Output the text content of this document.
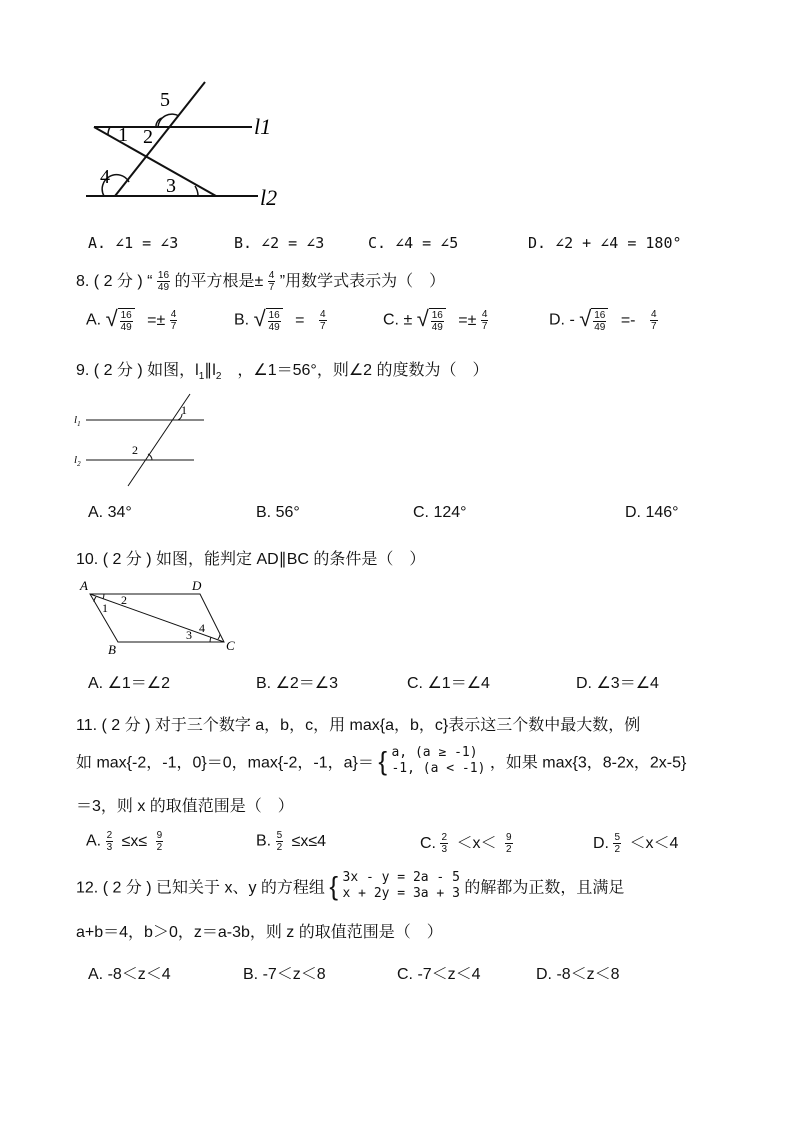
5
1 2
4	3
l1
l2
A. ∠1 = ∠3	B. ∠2 = ∠3	C. ∠4 = ∠5	D. ∠2 + ∠4 = 180°
8. ( 2 分 ) “ $\frac{16}{49}$ 的平方根是± $\frac{4}{7}$ ”用数学式表示为（　）
A. √ $\frac{16}{49} =\pm \frac{4}{7}$	B. √ $\frac{16}{49} = \frac{4}{7}$	C. ± √ $\frac{16}{49} =\pm \frac{4}{7}$	D. - √ $\frac{16}{49} =- \frac{4}{7}$
9. ( 2 分 ) 如图，$l_1\parallel l_2$　，∠1＝56°，则∠2 的度数为（　）
1
2
$l_1$
$l_2$
A. 34°	B. 56°	C. 124°	D. 146°
10. ( 2 分 ) 如图，能判定 AD∥BC 的条件是（　）
A	D
B	C
2
1
3 4
A. ∠1＝∠2	B. ∠2＝∠3	C. ∠1＝∠4	D. ∠3＝∠4
11. ( 2 分 ) 对于三个数字 a，b，c，用 max{a，b，c}表示这三个数中最大数，例
如 max{-2，-1，0}＝0，max{-2，-1，a}＝ { a, (a ≥ -1)
-1, (a < -1) ，如果 max{3，8-2x，2x-5}
＝3，则 x 的取值范围是（　）
A. $\frac{2}{3} \le x\le \frac{9}{2}$	B. $\frac{5}{2} \le x\le 4$	C. $\frac{2}{3} <x< \frac{9}{2}$	D. $\frac{5}{2} <x<4$
12. ( 2 分 ) 已知关于 x、y 的方程组 { 3x - y = 2a - 5
x + 2y = 3a + 3 的解都为正数，且满足
a+b＝4，b＞0，z＝a-3b，则 z 的取值范围是（　）
A. -8＜z＜4	B. -7＜z＜8	C. -7＜z＜4	D. -8＜z＜8
